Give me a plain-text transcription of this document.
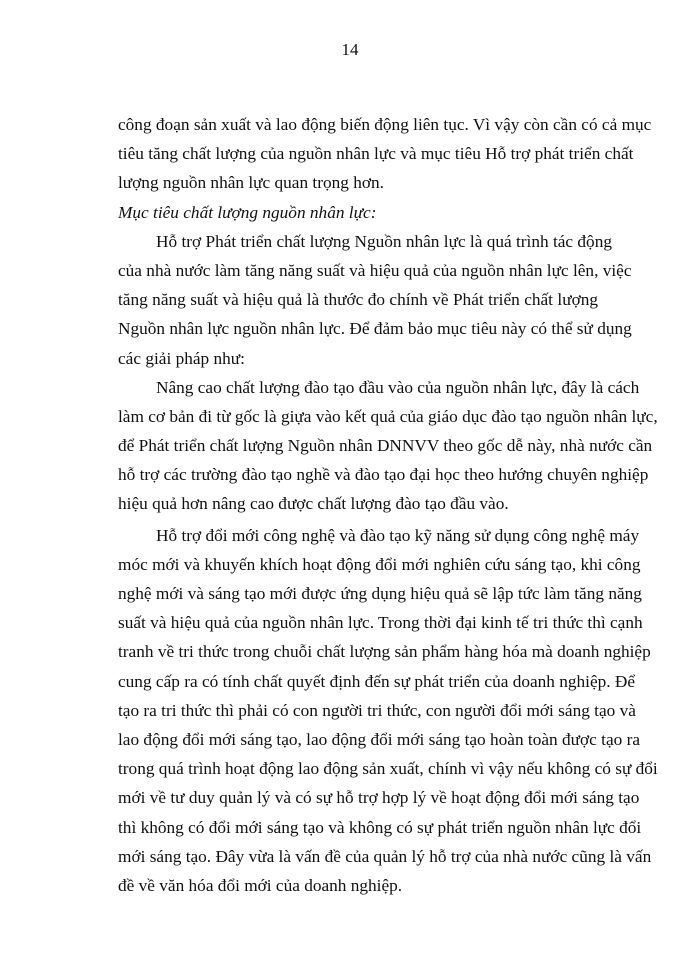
14
công đoạn sản xuất và lao động biến động liên tục. Vì vậy còn cần có cả mục
tiêu tăng chất lượng của nguồn nhân lực và mục tiêu Hỗ trợ phát triển chất
lượng nguồn nhân lực quan trọng hơn.
Mục tiêu chất lượng nguồn nhân lực:
Hỗ trợ Phát triển chất lượng Nguồn nhân lực là quá trình tác động
của nhà nước làm tăng năng suất và hiệu quả của nguồn nhân lực lên, việc
tăng năng suất và hiệu quả là thước đo chính về Phát triển chất lượng
Nguồn nhân lực nguồn nhân lực. Để đảm bảo mục tiêu này có thể sử dụng
các giải pháp như:
Nâng cao chất lượng đào tạo đầu vào của nguồn nhân lực, đây là cách
làm cơ bản đi từ gốc là giựa vào kết quả của giáo dục đào tạo nguồn nhân lực,
để Phát triển chất lượng Nguồn nhân DNNVV theo gốc dễ này, nhà nước cần
hỗ trợ các trường đào tạo nghề và đào tạo đại học theo hướng chuyên nghiệp
hiệu quả hơn nâng cao được chất lượng đào tạo đầu vào.
Hỗ trợ đổi mới công nghệ và đào tạo kỹ năng sử dụng công nghệ máy
móc mới và khuyến khích hoạt động đổi mới nghiên cứu sáng tạo, khi công
nghệ mới và sáng tạo mới được ứng dụng hiệu quả sẽ lập tức làm tăng năng
suất và hiệu quả của nguồn nhân lực. Trong thời đại kinh tế tri thức thì cạnh
tranh về tri thức trong chuỗi chất lượng sản phẩm hàng hóa mà doanh nghiệp
cung cấp ra có tính chất quyết định đến sự phát triển của doanh nghiệp. Để
tạo ra tri thức thì phải có con người tri thức, con người đổi mới sáng tạo và
lao động đổi mới sáng tạo, lao động đổi mới sáng tạo hoàn toàn được tạo ra
trong quá trình hoạt động lao động sản xuất, chính vì vậy nếu không có sự đổi
mới về tư duy quản lý và có sự hỗ trợ hợp lý về hoạt động đổi mới sáng tạo
thì không có đổi mới sáng tạo và không có sự phát triển nguồn nhân lực đổi
mới sáng tạo. Đây vừa là vấn đề của quản lý hỗ trợ của nhà nước cũng là vấn
đề về văn hóa đổi mới của doanh nghiệp.
